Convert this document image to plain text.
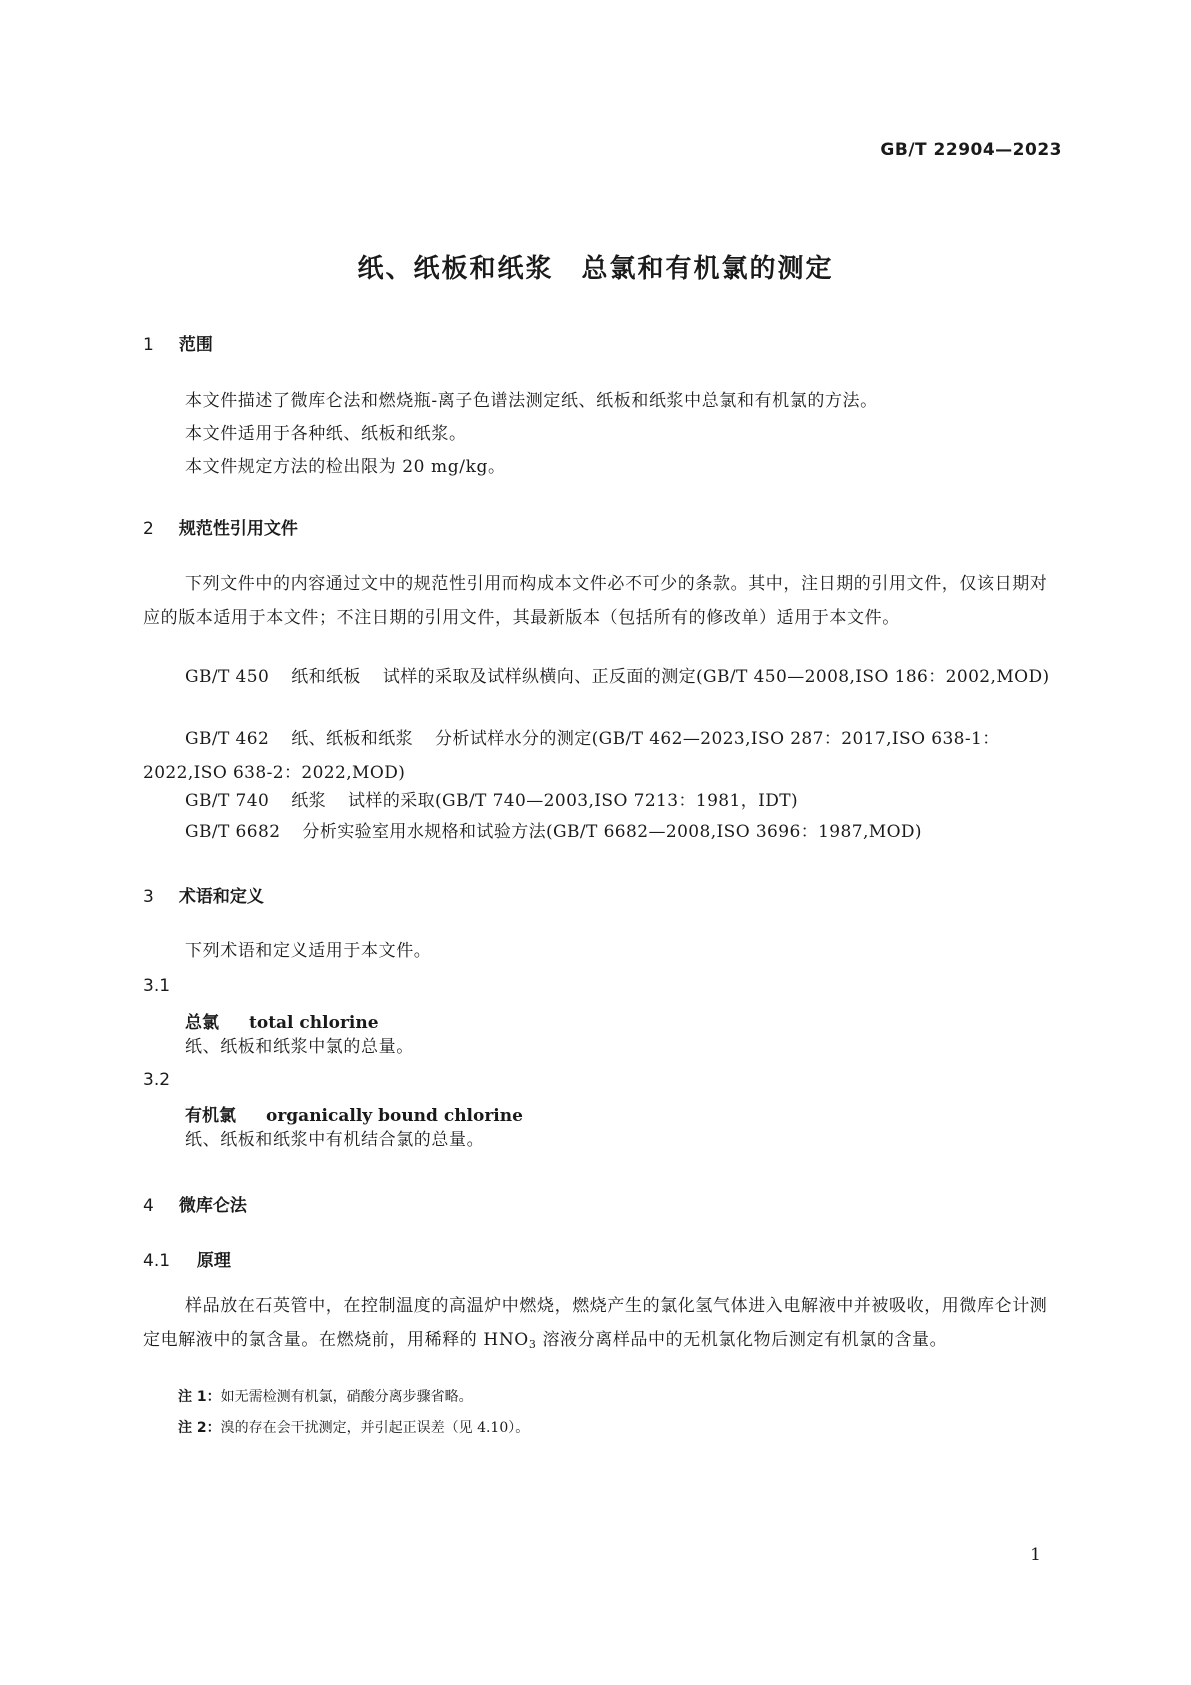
GB/T 22904—2023
纸、纸板和纸浆　总氯和有机氯的测定
1 范围

本文件描述了微库仑法和燃烧瓶-离子色谱法测定纸、纸板和纸浆中总氯和有机氯的方法。

本文件适用于各种纸、纸板和纸浆。

本文件规定方法的检出限为 20 mg/kg。

2 规范性引用文件

下列文件中的内容通过文中的规范性引用而构成本文件必不可少的条款。其中，注日期的引用文件，仅该日期对应的版本适用于本文件；不注日期的引用文件，其最新版本（包括所有的修改单）适用于本文件。

GB/T 450 纸和纸板 试样的采取及试样纵横向、正反面的测定(GB/T 450—2008,ISO 186：2002,MOD)

GB/T 462 纸、纸板和纸浆 分析试样水分的测定(GB/T 462—2023,ISO 287：2017,ISO 638-1：2022,ISO 638-2：2022,MOD)

GB/T 740 纸浆 试样的采取(GB/T 740—2003,ISO 7213：1981，IDT)

GB/T 6682 分析实验室用水规格和试验方法(GB/T 6682—2008,ISO 3696：1987,MOD)

3 术语和定义

下列术语和定义适用于本文件。

3.1
总氯 total chlorine

纸、纸板和纸浆中氯的总量。

3.2
有机氯 organically bound chlorine

纸、纸板和纸浆中有机结合氯的总量。

4 微库仑法
4.1 原理

样品放在石英管中，在控制温度的高温炉中燃烧，燃烧产生的氯化氢气体进入电解液中并被吸收，用微库仑计测定电解液中的氯含量。在燃烧前，用稀释的 $HNO_3$ 溶液分离样品中的无机氯化物后测定有机氯的含量。

注 1：如无需检测有机氯，硝酸分离步骤省略。
注 2：溴的存在会干扰测定，并引起正误差（见 4.10）。
1
